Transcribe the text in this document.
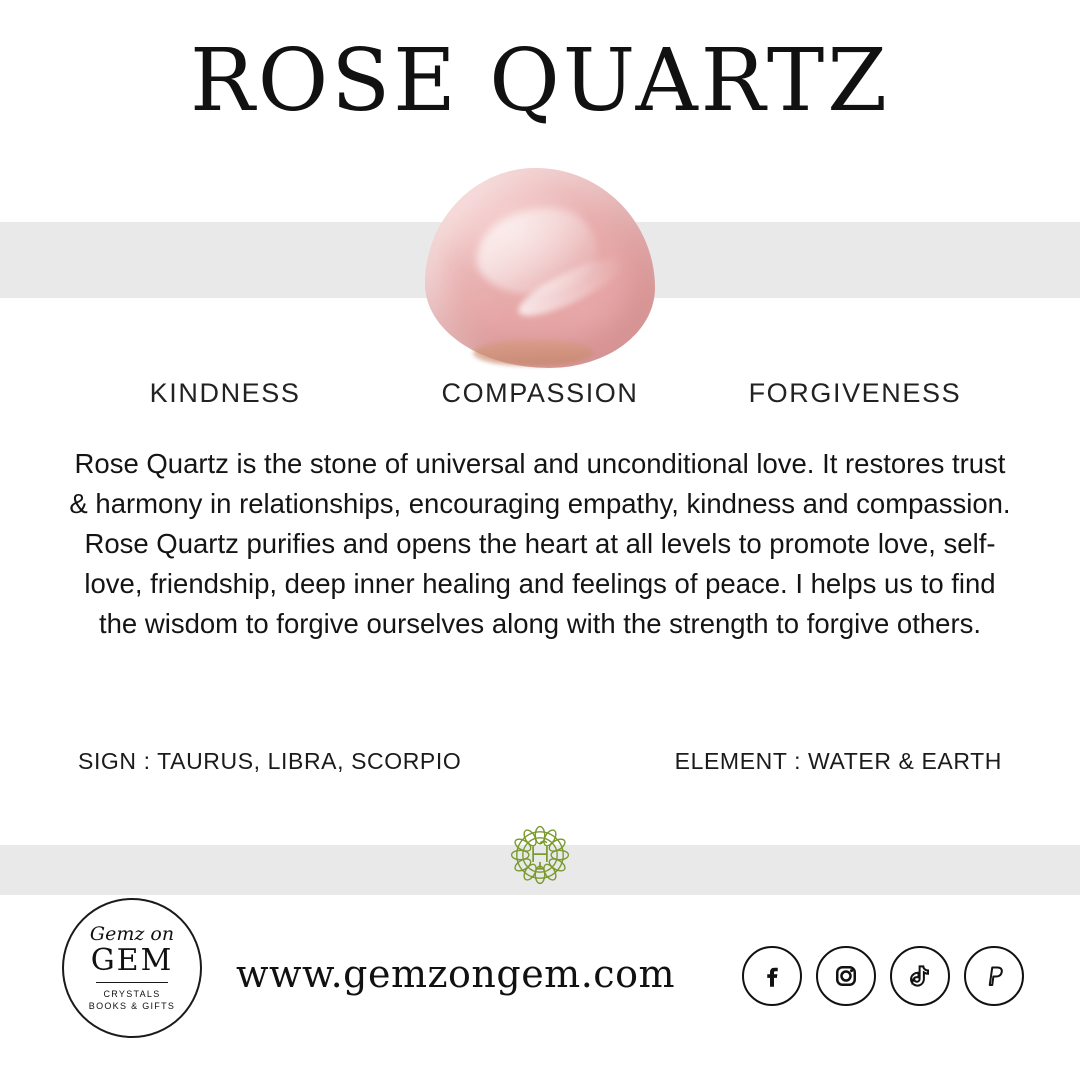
ROSE QUARTZ
KINDNESS	COMPASSION	FORGIVENESS
Rose Quartz is the stone of universal and unconditional love. It restores trust & harmony in relationships, encouraging empathy, kindness and compassion. Rose Quartz purifies and opens the heart at all levels to promote love, self-love, friendship, deep inner healing and feelings of peace. I helps us to find the wisdom to forgive ourselves along with the strength to forgive others.
SIGN : TAURUS, LIBRA, SCORPIO	ELEMENT : WATER & EARTH
Gemz on
GEM
CRYSTALS
BOOKS & GIFTS
www.gemzongem.com
